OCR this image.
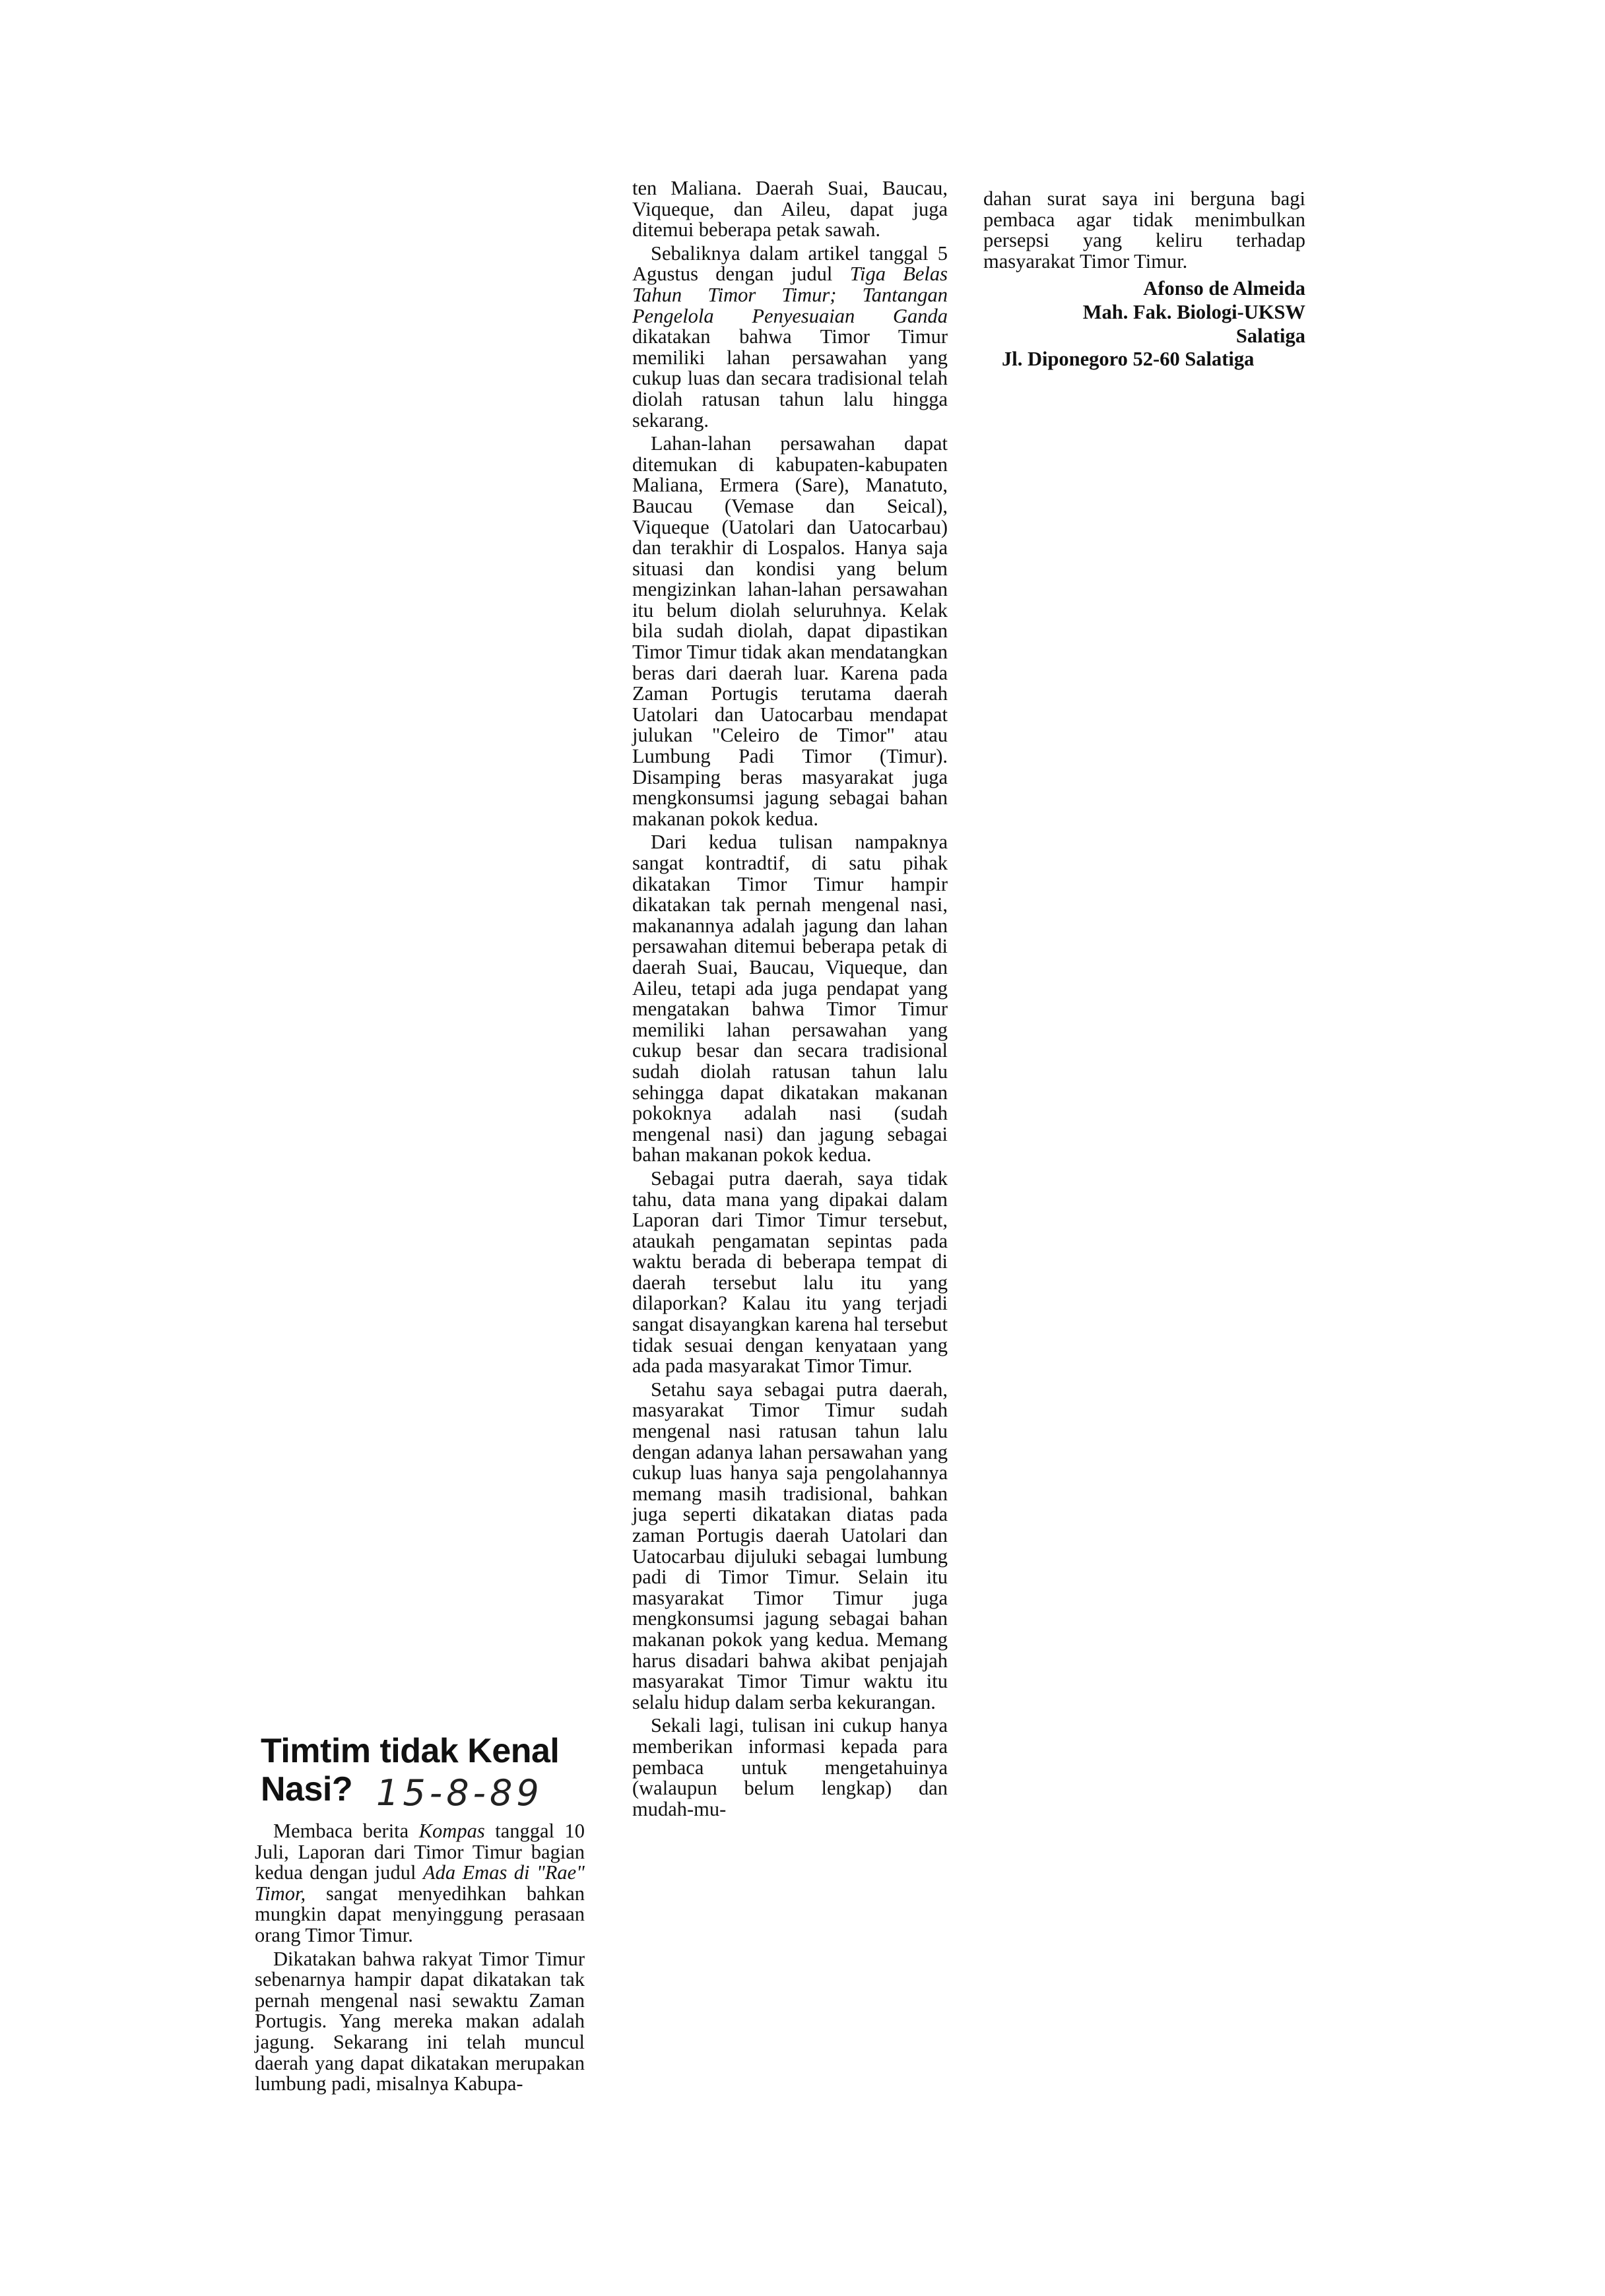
Timtim tidak Kenal
Nasi? 15-8-89

Membaca berita Kompas tanggal 10 Juli, Laporan dari Timor Timur bagian kedua dengan judul Ada Emas di "Rae" Timor, sangat menyedihkan bahkan mungkin dapat menyinggung perasaan orang Timor Timur.

Dikatakan bahwa rakyat Timor Timur sebenarnya hampir dapat dikatakan tak pernah mengenal nasi sewaktu Zaman Portugis. Yang mereka makan adalah jagung. Sekarang ini telah muncul daerah yang dapat dikatakan merupakan lumbung padi, misalnya Kabupa-

ten Maliana. Daerah Suai, Baucau, Viqueque, dan Aileu, dapat juga ditemui beberapa petak sawah.

Sebaliknya dalam artikel tanggal 5 Agustus dengan judul Tiga Belas Tahun Timor Timur; Tantangan Pengelola Penyesuaian Ganda dikatakan bahwa Timor Timur memiliki lahan persawahan yang cukup luas dan secara tradisional telah diolah ratusan tahun lalu hingga sekarang.

Lahan-lahan persawahan dapat ditemukan di kabupaten-kabupaten Maliana, Ermera (Sare), Manatuto, Baucau (Vemase dan Seical), Viqueque (Uatolari dan Uatocarbau) dan terakhir di Lospalos. Hanya saja situasi dan kondisi yang belum mengizinkan lahan-lahan persawahan itu belum diolah seluruhnya. Kelak bila sudah diolah, dapat dipastikan Timor Timur tidak akan mendatangkan beras dari daerah luar. Karena pada Zaman Portugis terutama daerah Uatolari dan Uatocarbau mendapat julukan "Celeiro de Timor" atau Lumbung Padi Timor (Timur). Disamping beras masyarakat juga mengkonsumsi jagung sebagai bahan makanan pokok kedua.

Dari kedua tulisan nampaknya sangat kontradtif, di satu pihak dikatakan Timor Timur hampir dikatakan tak pernah mengenal nasi, makanannya adalah jagung dan lahan persawahan ditemui beberapa petak di daerah Suai, Baucau, Viqueque, dan Aileu, tetapi ada juga pendapat yang mengatakan bahwa Timor Timur memiliki lahan persawahan yang cukup besar dan secara tradisional sudah diolah ratusan tahun lalu sehingga dapat dikatakan makanan pokoknya adalah nasi (sudah mengenal nasi) dan jagung sebagai bahan makanan pokok kedua.

Sebagai putra daerah, saya tidak tahu, data mana yang dipakai dalam Laporan dari Timor Timur tersebut, ataukah pengamatan sepintas pada waktu berada di beberapa tempat di daerah tersebut lalu itu yang dilaporkan? Kalau itu yang terjadi sangat disayangkan karena hal tersebut tidak sesuai dengan kenyataan yang ada pada masyarakat Timor Timur.

Setahu saya sebagai putra daerah, masyarakat Timor Timur sudah mengenal nasi ratusan tahun lalu dengan adanya lahan persawahan yang cukup luas hanya saja pengolahannya memang masih tradisional, bahkan juga seperti dikatakan diatas pada zaman Portugis daerah Uatolari dan Uatocarbau dijuluki sebagai lumbung padi di Timor Timur. Selain itu masyarakat Timor Timur juga mengkonsumsi jagung sebagai bahan makanan pokok yang kedua. Memang harus disadari bahwa akibat penjajah masyarakat Timor Timur waktu itu selalu hidup dalam serba kekurangan.

Sekali lagi, tulisan ini cukup hanya memberikan informasi kepada para pembaca untuk mengetahuinya (walaupun belum lengkap) dan mudah-mu-

dahan surat saya ini berguna bagi pembaca agar tidak menimbulkan persepsi yang keliru terhadap masyarakat Timor Timur.

Afonso de Almeida

Mah. Fak. Biologi-UKSW

Salatiga

Jl. Diponegoro 52-60 Salatiga
